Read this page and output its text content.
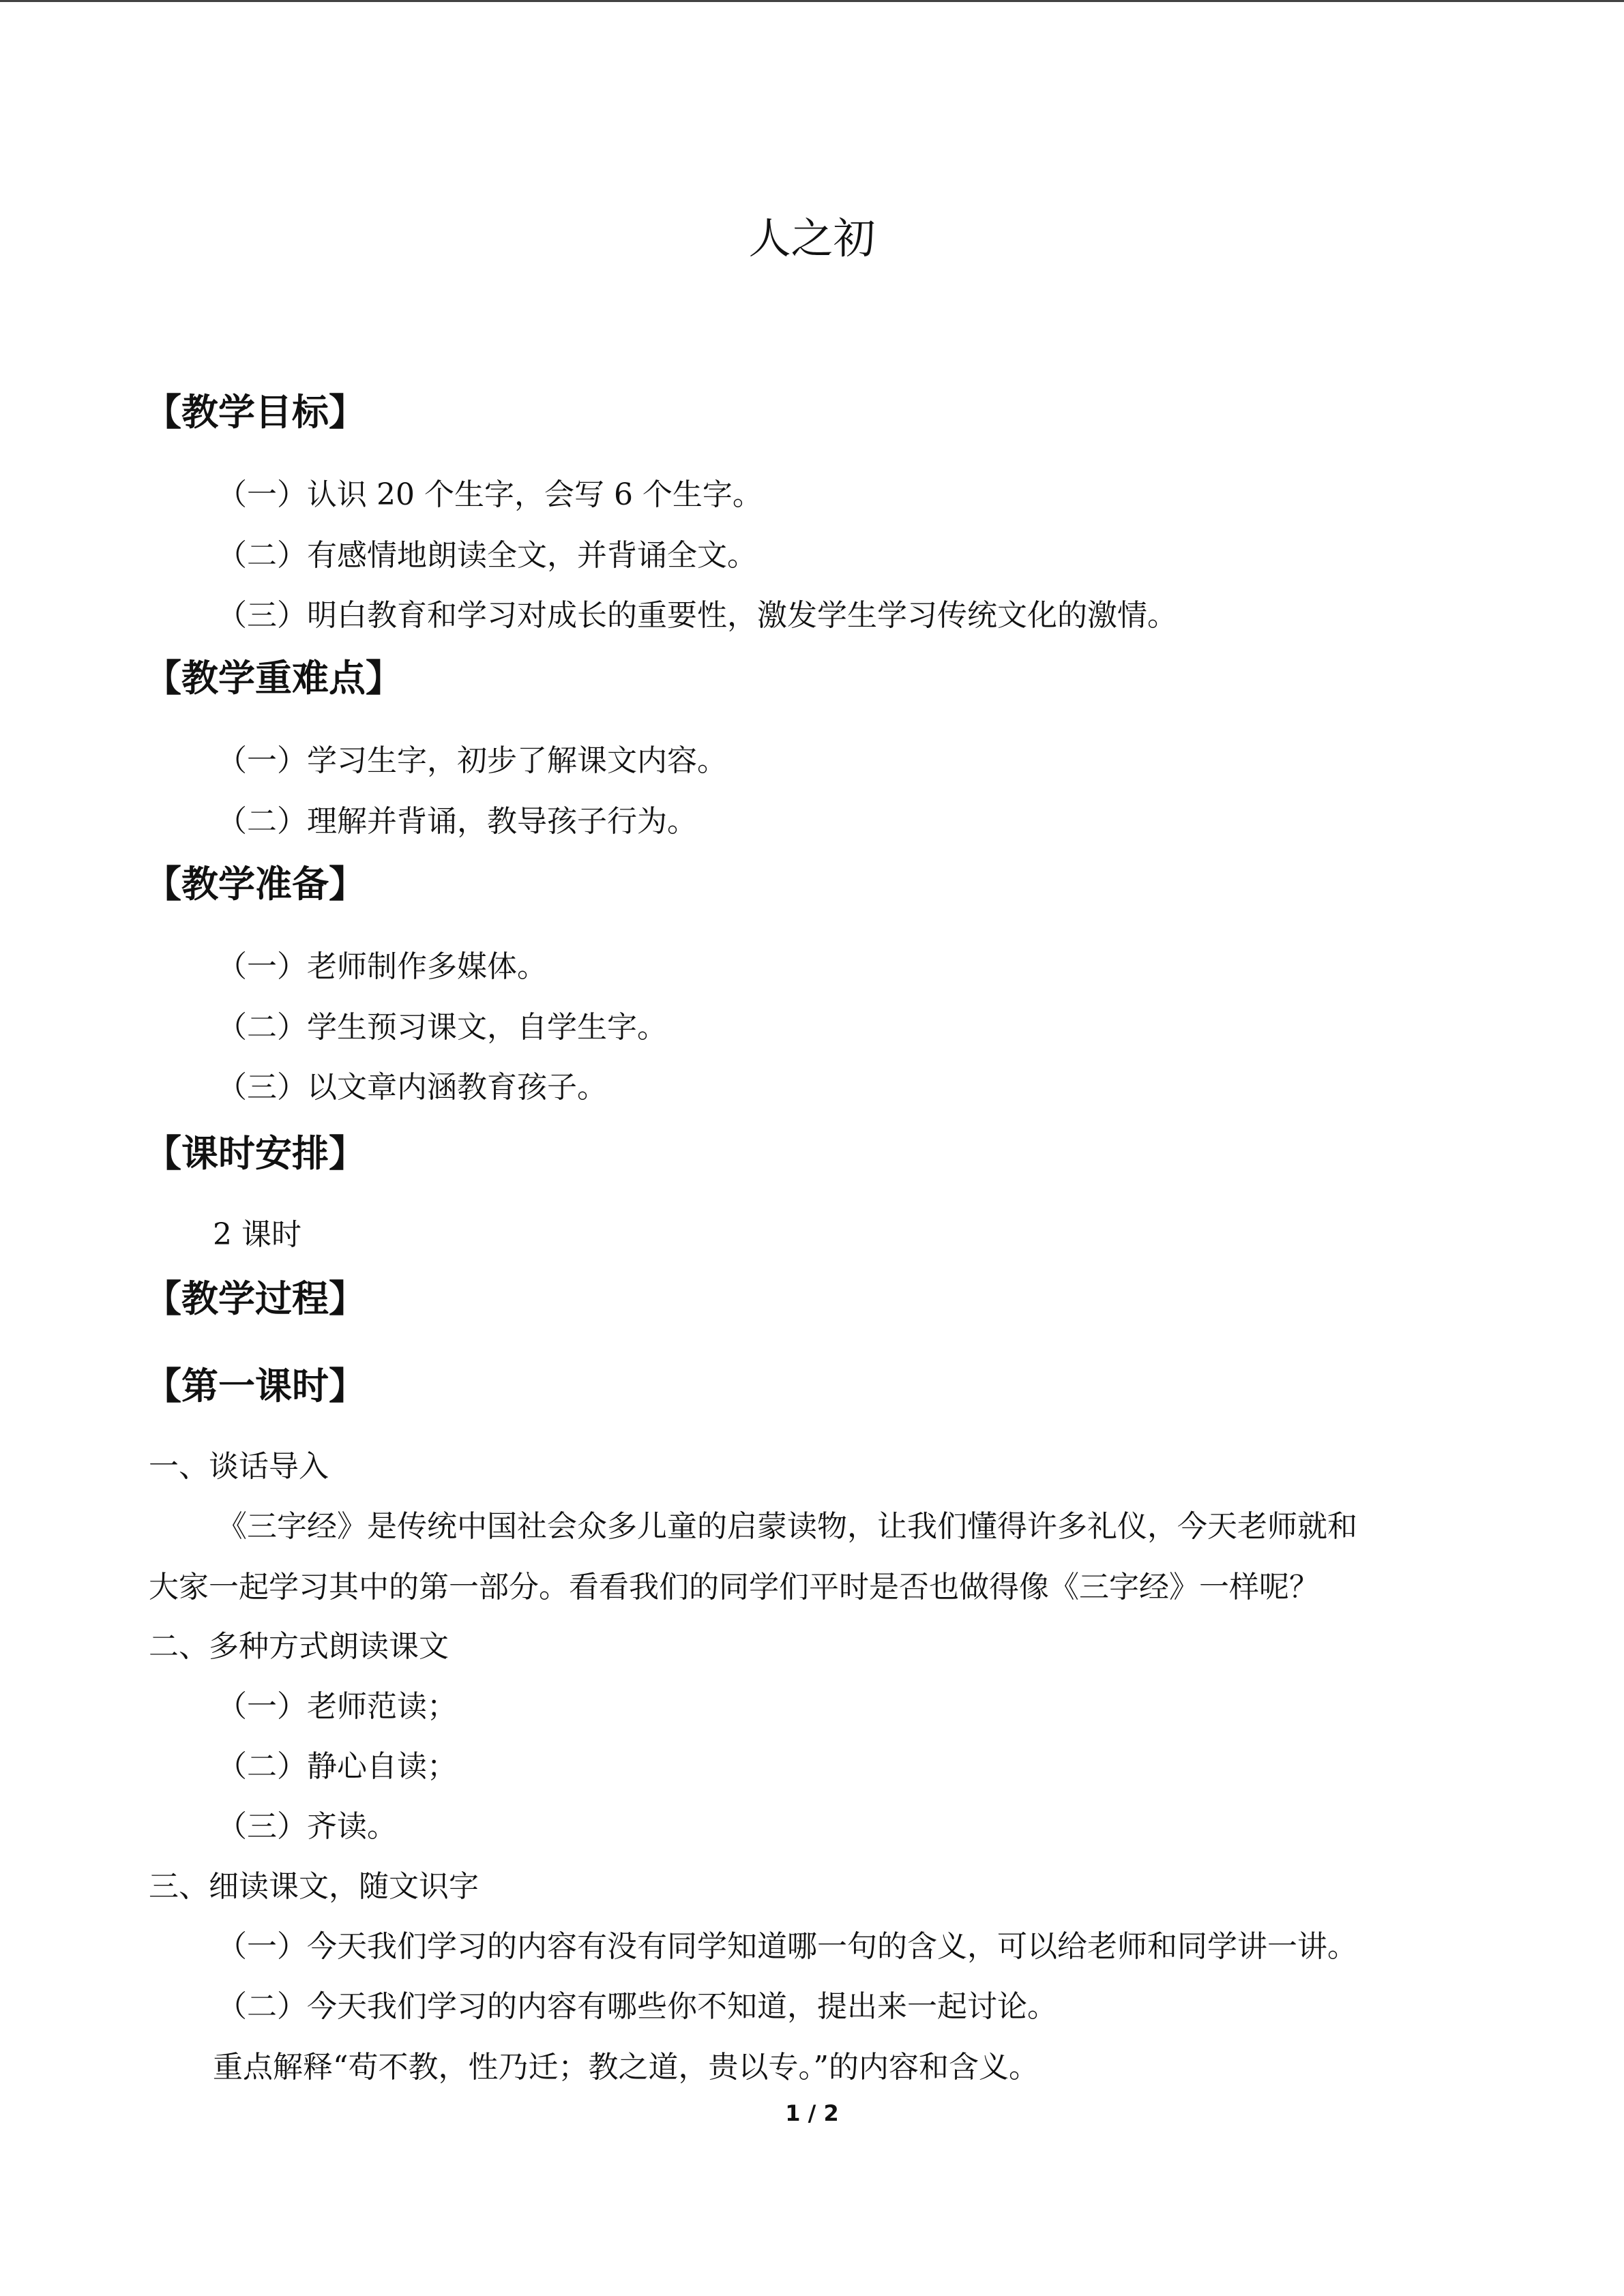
人之初
【教学目标】
（一）认识 20 个生字，会写 6 个生字。
（二）有感情地朗读全文，并背诵全文。
（三）明白教育和学习对成长的重要性，激发学生学习传统文化的激情。
【教学重难点】
（一）学习生字，初步了解课文内容。
（二）理解并背诵，教导孩子行为。
【教学准备】
（一）老师制作多媒体。
（二）学生预习课文，自学生字。
（三）以文章内涵教育孩子。
【课时安排】
2 课时
【教学过程】
【第一课时】
一、谈话导入
《三字经》是传统中国社会众多儿童的启蒙读物，让我们懂得许多礼仪，今天老师就和
大家一起学习其中的第一部分。看看我们的同学们平时是否也做得像《三字经》一样呢？
二、多种方式朗读课文
（一）老师范读；
（二）静心自读；
（三）齐读。
三、细读课文，随文识字
（一）今天我们学习的内容有没有同学知道哪一句的含义，可以给老师和同学讲一讲。
（二）今天我们学习的内容有哪些你不知道，提出来一起讨论。
重点解释“苟不教，性乃迁；教之道，贵以专。”的内容和含义。
1 / 2
